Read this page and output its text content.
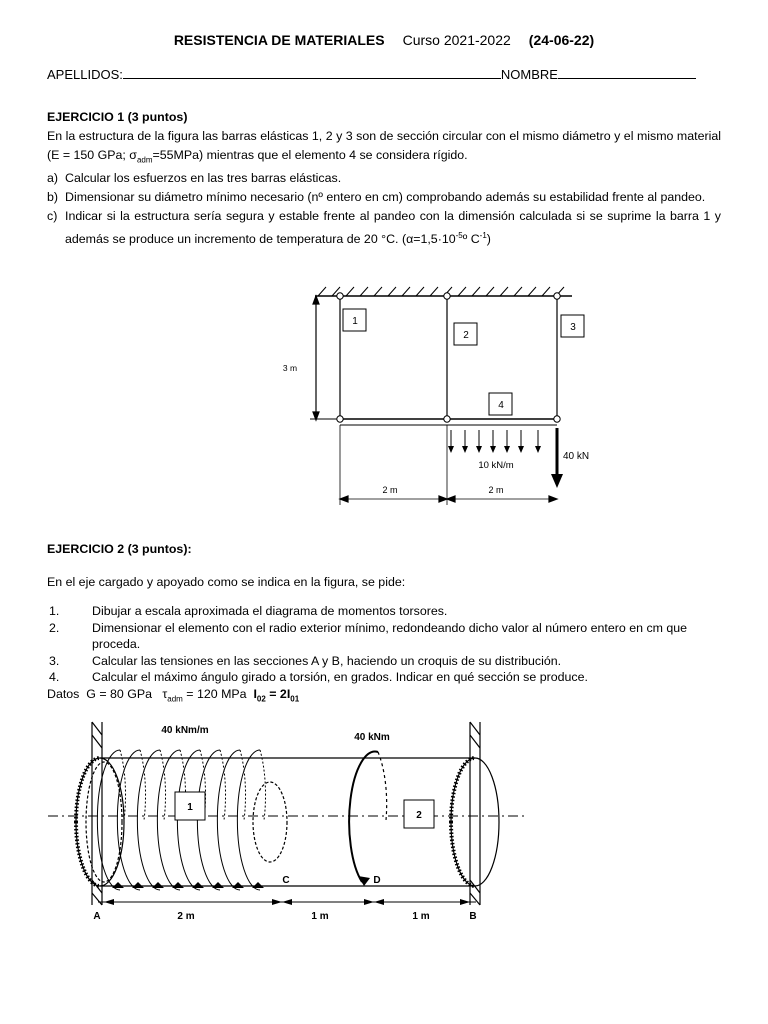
RESISTENCIA DE MATERIALES Curso 2021-2022 (24-06-22)
APELLIDOS:	NOMBRE
EJERCICIO 1 (3 puntos)
En la estructura de la figura las barras elásticas 1, 2 y 3 son de sección circular con el mismo diámetro y el mismo material (E = 150 GPa; $\sigma_{adm}=55MPa$) mientras que el elemento 4 se considera rígido.
a) Calcular los esfuerzos en las tres barras elásticas.
b) Dimensionar su diámetro mínimo necesario (nº entero en cm) comprobando además su estabilidad frente al pandeo.
c) Indicar si la estructura sería segura y estable frente al pandeo con la dimensión calculada si se suprime la barra 1 y además se produce un incremento de temperatura de 20 °C. ($\alpha=1,5\cdot 10^{-5}º$ $C^{-1}$)
1
2
3
4
3 m
2 m	2 m
10 kN/m
40 kN
EJERCICIO 2 (3 puntos):
En el eje cargado y apoyado como se indica en la figura, se pide:
1.	Dibujar a escala aproximada el diagrama de momentos torsores.
2.	Dimensionar el elemento con el radio exterior mínimo, redondeando dicho valor al número entero en cm que proceda.
3.	Calcular las tensiones en las secciones A y B, haciendo un croquis de su distribución.
4.	Calcular el máximo ángulo girado a torsión, en grados. Indicar en qué sección se produce.
Datos G = 80 GPa $\tau_{adm} = 120$ MPa $I_{02} = 2I_{01}$
1
2
40 kNm/m
40 kNm
A	B
C	D
2 m	1 m	1 m
